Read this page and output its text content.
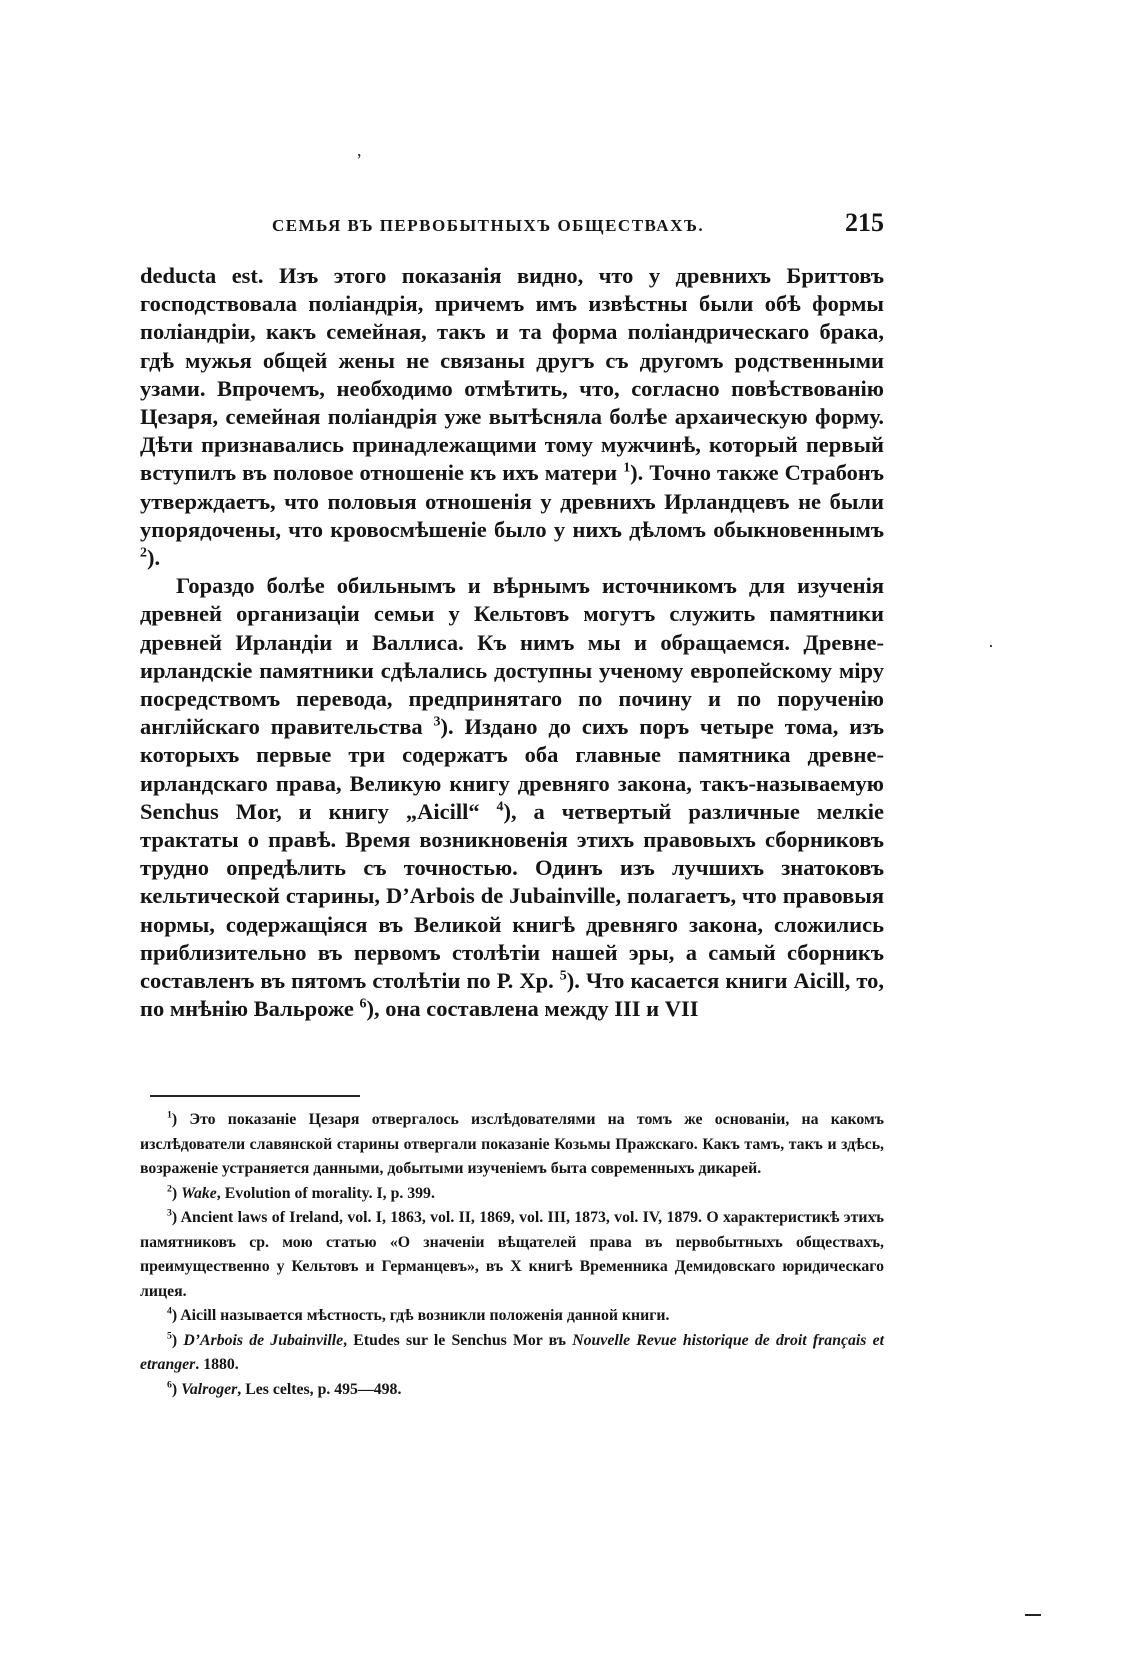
,
·
СЕМЬЯ ВЪ ПЕРВОБЫТНЫХЪ ОБЩЕСТВАХЪ.	215

deducta est. Изъ этого показанія видно, что у древнихъ Бриттовъ господствовала поліандрія, причемъ имъ извѣстны были обѣ формы поліандріи, какъ семейная, такъ и та форма поліандрическаго брака, гдѣ мужья общей жены не связаны другъ съ другомъ родственными узами. Впрочемъ, необходимо отмѣтить, что, согласно повѣствованію Цезаря, семейная поліандрія уже вытѣсняла болѣе архаическую форму. Дѣти признавались принадлежащими тому мужчинѣ, который первый вступилъ въ половое отношеніе къ ихъ матери $^1$). Точно также Страбонъ утверждаетъ, что половыя отношенія у древнихъ Ирландцевъ не были упорядочены, что кровосмѣшеніе было у нихъ дѣломъ обыкновеннымъ $^2$).

Гораздо болѣе обильнымъ и вѣрнымъ источникомъ для изученія древней организаціи семьи у Кельтовъ могутъ служить памятники древней Ирландіи и Валлиса. Къ нимъ мы и обращаемся. Древне-ирландскіе памятники сдѣлались доступны ученому европейскому міру посредствомъ перевода, предпринятаго по почину и по порученію англійскаго правительства $^3$). Издано до сихъ поръ четыре тома, изъ которыхъ первые три содержатъ оба главные памятника древне-ирландскаго права, Великую книгу древняго закона, такъ-называемую Senchus Mor, и книгу „Aicill“ $^4$), а четвертый различные мелкіе трактаты о правѣ. Время возникновенія этихъ правовыхъ сборниковъ трудно опредѣлить съ точностью. Одинъ изъ лучшихъ знатоковъ кельтической старины, D’Arbois de Jubainville, полагаетъ, что правовыя нормы, содержащіяся въ Великой книгѣ древняго закона, сложились приблизительно въ первомъ столѣтіи нашей эры, а самый сборникъ составленъ въ пятомъ столѣтіи по Р. Хр. $^5$). Что касается книги Aicill, то, по мнѣнію Вальроже $^6$), она составлена между III и VII

$^1$) Это показаніе Цезаря отвергалось изслѣдователями на томъ же основаніи, на какомъ изслѣдователи славянской старины отвергали показаніе Козьмы Пражскаго. Какъ тамъ, такъ и здѣсь, возраженіе устраняется данными, добытыми изученіемъ быта современныхъ дикарей.

$^2$) Wake, Evolution of morality. I, p. 399.

$^3$) Ancient laws of Ireland, vol. I, 1863, vol. II, 1869, vol. III, 1873, vol. IV, 1879. О характеристикѣ этихъ памятниковъ ср. мою статью «О значеніи вѣщателей права въ первобытныхъ обществахъ, преимущественно у Кельтовъ и Германцевъ», въ X книгѣ Временника Демидовскаго юридическаго лицея.

$^4$) Aicill называется мѣстность, гдѣ возникли положенія данной книги.

$^5$) D’Arbois de Jubainville, Etudes sur le Senchus Mor въ Nouvelle Revue historique de droit français et etranger. 1880.

$^6$) Valroger, Les celtes, p. 495—498.
